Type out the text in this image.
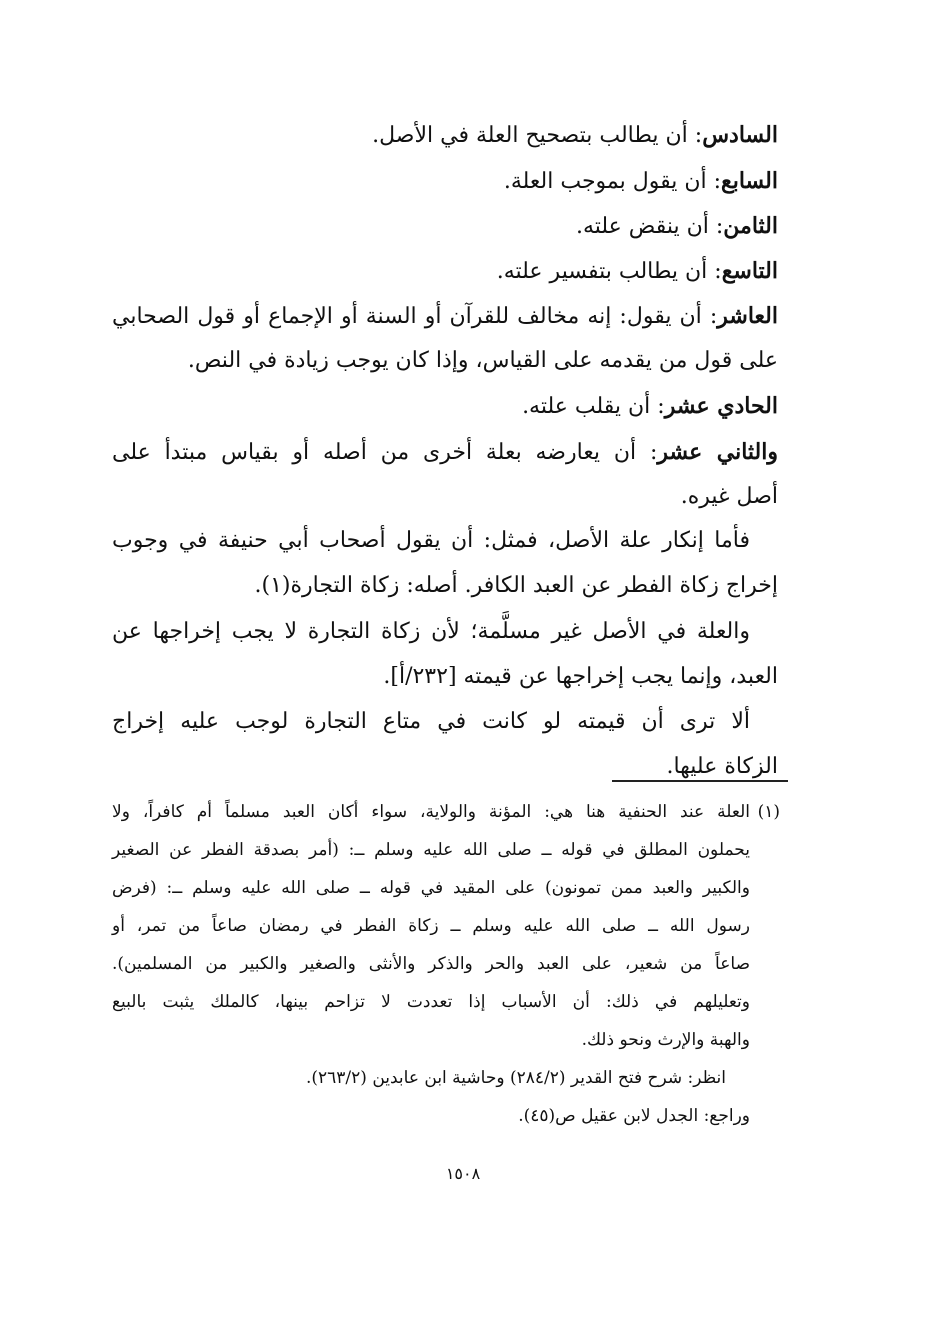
السادس: أن يطالب بتصحيح العلة في الأصل.
السابع: أن يقول بموجب العلة.
الثامن: أن ينقض علته.
التاسع: أن يطالب بتفسير علته.
العاشر: أن يقول: إنه مخالف للقرآن أو السنة أو الإجماع أو قول الصحابي
على قول من يقدمه على القياس، وإذا كان يوجب زيادة في النص.
الحادي عشر: أن يقلب علته.
والثاني عشر: أن يعارضه بعلة أخرى من أصله أو بقياس مبتدأ على
أصل غيره.
فأما إنكار علة الأصل، فمثل: أن يقول أصحاب أبي حنيفة في وجوب
إخراج زكاة الفطر عن العبد الكافر. أصله: زكاة التجارة(١).
والعلة في الأصل غير مسلَّمة؛ لأن زكاة التجارة لا يجب إخراجها عن
العبد، وإنما يجب إخراجها عن قيمته [٢٣٢/أ].
ألا ترى أن قيمته لو كانت في متاع التجارة لوجب عليه إخراج
الزكاة عليها.
(١)
العلة عند الحنفية هنا هي: المؤنة والولاية، سواء أكان العبد مسلماً أم كافراً، ولا
يحملون المطلق في قوله ــ صلى الله عليه وسلم ــ: (أمر بصدقة الفطر عن الصغير
والكبير والعبد ممن تمونون) على المقيد في قوله ــ صلى الله عليه وسلم ــ: (فرض
رسول الله ــ صلى الله عليه وسلم ــ زكاة الفطر في رمضان صاعاً من تمر، أو
صاعاً من شعير، على العبد والحر والذكر والأنثى والصغير والكبير من المسلمين).
وتعليلهم في ذلك: أن الأسباب إذا تعددت لا تزاحم بينها، كالملك يثبت بالبيع
والهبة والإرث ونحو ذلك.
انظر: شرح فتح القدير (٢٨٤/٢) وحاشية ابن عابدين (٢٦٣/٢).
وراجع: الجدل لابن عقيل ص(٤٥).
١٥٠٨
